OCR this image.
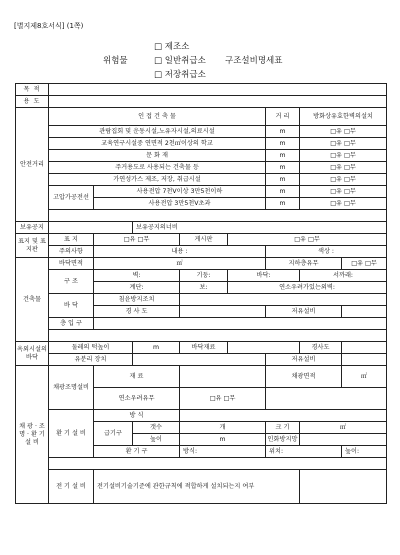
[별지제8호서식] (1쪽)
위험물
□ 제조소
□ 일반취급소
□ 저장취급소
구조설비명세표
목 적								
용 도								
안전거리	인 접 건 축 물					거 리	방화상유효한벽의설치	
	관람집회 및 운동시설,노유자시설,의료시설					m	□유 □무	
	교육연구시설중 연면적 2천㎡이상의 학교					m	□유 □무	
	문 화 재					m	□유 □무	
	주거용도로 사용되는 건축물 등					m	□유 □무	
	가연성가스 제조, 저장, 취급시설					m	□유 □무	
	고압가공전선	사용전압 7천V이상 3만5천이하				m	□유 □무	
		사용전압 3만5천V초과				m	□유 □무	

보유공지			보유공지의너비					
표지 및 표지판	표 지	□유 □무		게시판	□유 □무			
	주의사항	내용 :				색상 :		
건축물	바닥면적	㎡				지하층유무		□유 □무
	구 조	벽:		기둥:	바닥:		서까래:	
		계단:		보:	연소우려가있는외벽:			
	바 닥	침윤방지조치						
		경 사 도				저유설비		
	층 입 구							

옥외시설의 바닥	둘레의 턱높이		m	바닥재료			경사도	
	유분리 장치					저유설비		
채 광 · 조 명 · 환 기 설 비	채광조명설비	재 료				채광면적		㎡
		연소우려유무		□유 □무				
	환 기 설 비	방 식						
		급기구	갯수	개		크 기	㎡	
			높이	m		인화방지망		
		환 기 구		방식:		위치:		높이:

	전 기 설 비	전기설비기술기준에 관한규칙에 적합하게 설치되는지 여부						
